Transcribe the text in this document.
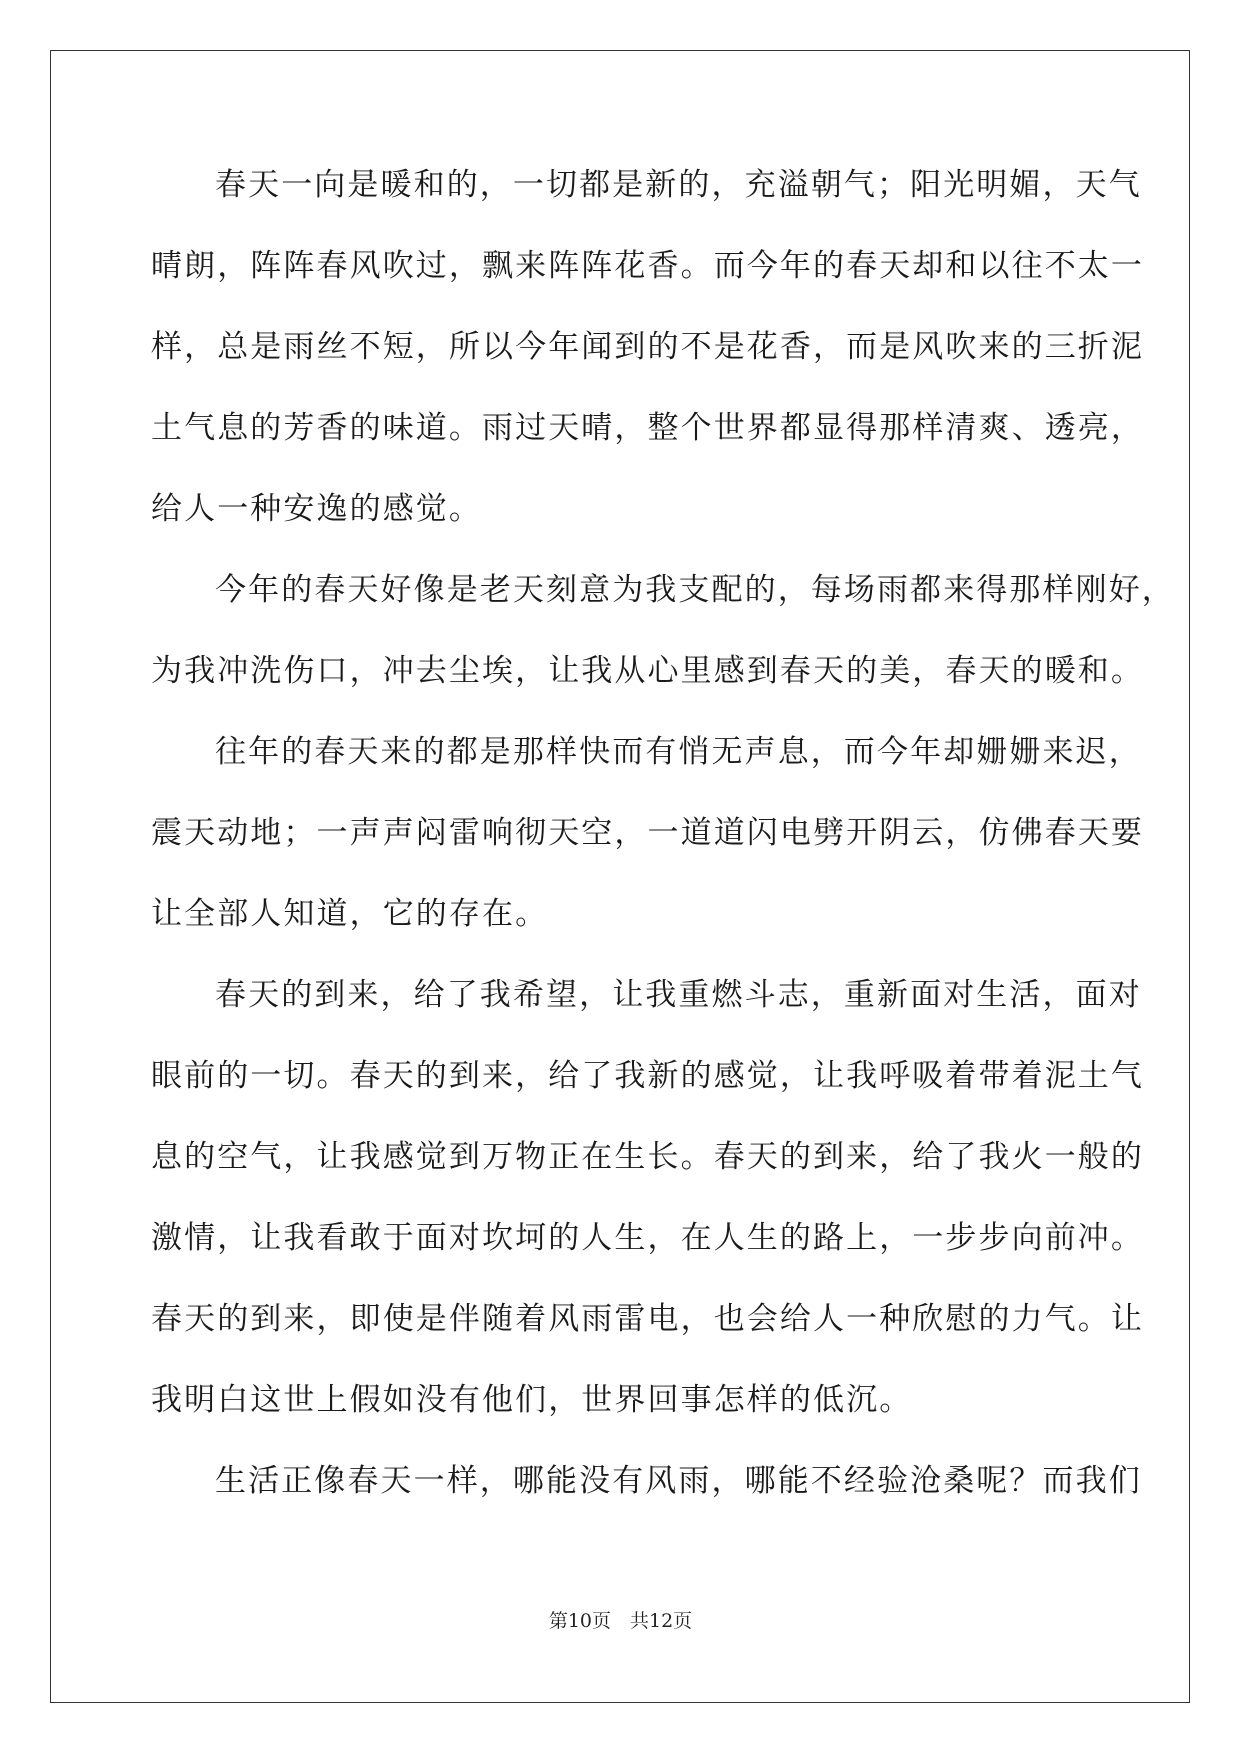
春天一向是暖和的，一切都是新的，充溢朝气；阳光明媚，天气
晴朗，阵阵春风吹过，飘来阵阵花香。而今年的春天却和以往不太一
样，总是雨丝不短，所以今年闻到的不是花香，而是风吹来的三折泥
土气息的芳香的味道。雨过天晴，整个世界都显得那样清爽、透亮，
给人一种安逸的感觉。
今年的春天好像是老天刻意为我支配的，每场雨都来得那样刚好，
为我冲洗伤口，冲去尘埃，让我从心里感到春天的美，春天的暖和。
往年的春天来的都是那样快而有悄无声息，而今年却姗姗来迟，
震天动地；一声声闷雷响彻天空，一道道闪电劈开阴云，仿佛春天要
让全部人知道，它的存在。
春天的到来，给了我希望，让我重燃斗志，重新面对生活，面对
眼前的一切。春天的到来，给了我新的感觉，让我呼吸着带着泥土气
息的空气，让我感觉到万物正在生长。春天的到来，给了我火一般的
激情，让我看敢于面对坎坷的人生，在人生的路上，一步步向前冲。
春天的到来，即使是伴随着风雨雷电，也会给人一种欣慰的力气。让
我明白这世上假如没有他们，世界回事怎样的低沉。
生活正像春天一样，哪能没有风雨，哪能不经验沧桑呢？而我们
第10页　共12页
